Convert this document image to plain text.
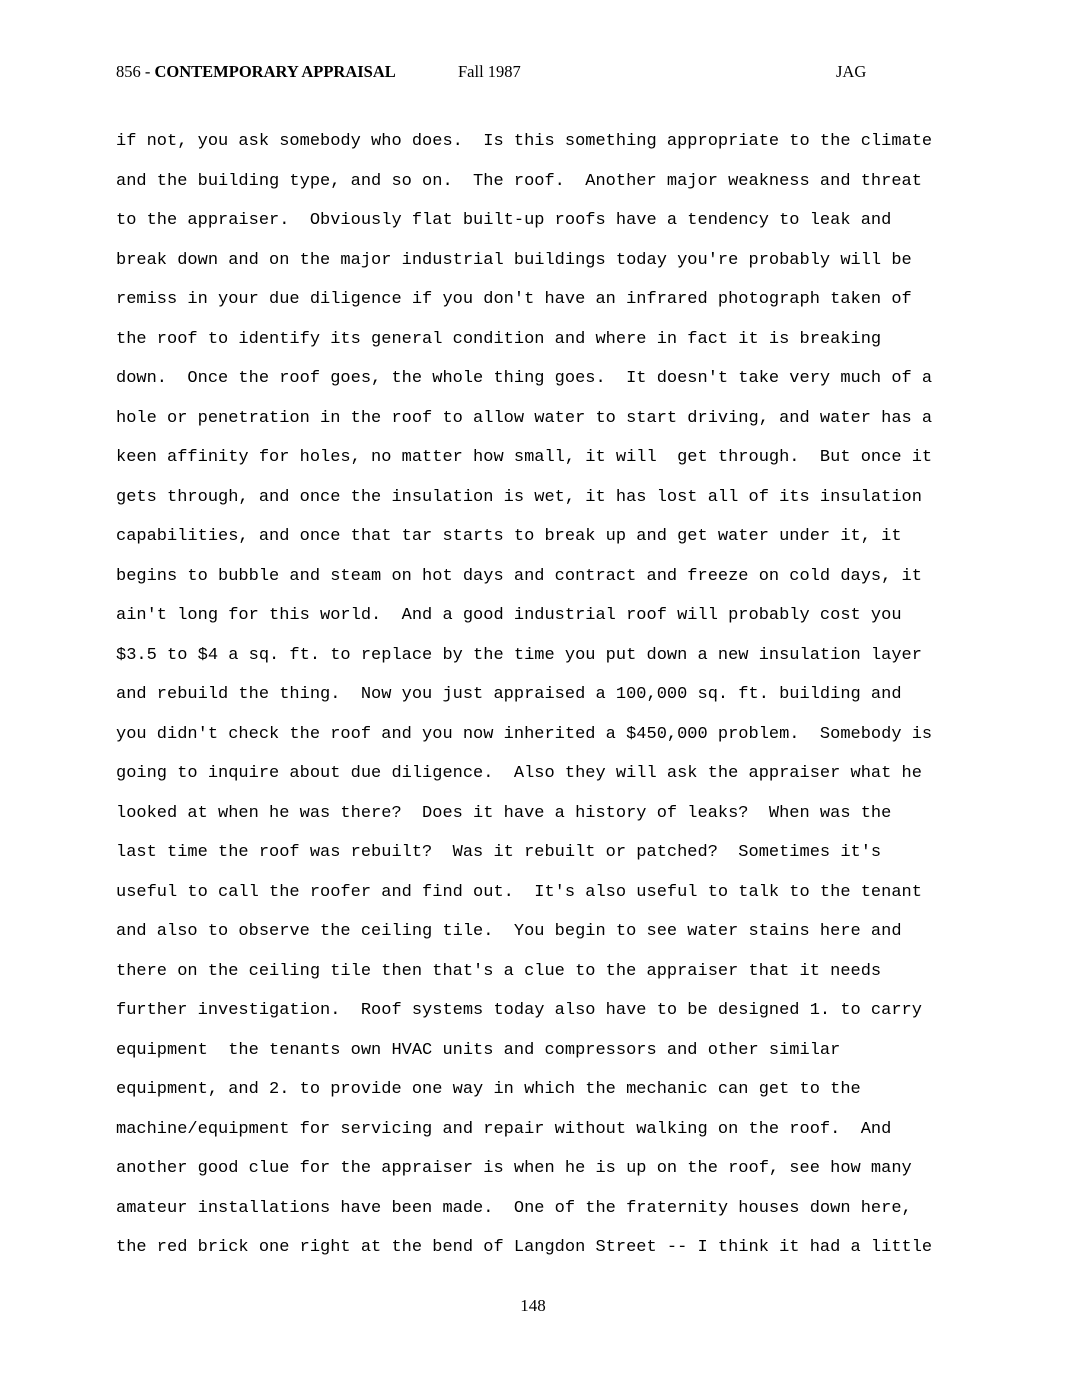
856 - CONTEMPORARY APPRAISAL	Fall 1987	JAG
if not, you ask somebody who does.  Is this something appropriate to the climate
and the building type, and so on.  The roof.  Another major weakness and threat
to the appraiser.  Obviously flat built-up roofs have a tendency to leak and
break down and on the major industrial buildings today you're probably will be
remiss in your due diligence if you don't have an infrared photograph taken of
the roof to identify its general condition and where in fact it is breaking
down.  Once the roof goes, the whole thing goes.  It doesn't take very much of a
hole or penetration in the roof to allow water to start driving, and water has a
keen affinity for holes, no matter how small, it will  get through.  But once it
gets through, and once the insulation is wet, it has lost all of its insulation
capabilities, and once that tar starts to break up and get water under it, it
begins to bubble and steam on hot days and contract and freeze on cold days, it
ain't long for this world.  And a good industrial roof will probably cost you
$3.5 to $4 a sq. ft. to replace by the time you put down a new insulation layer
and rebuild the thing.  Now you just appraised a 100,000 sq. ft. building and
you didn't check the roof and you now inherited a $450,000 problem.  Somebody is
going to inquire about due diligence.  Also they will ask the appraiser what he
looked at when he was there?  Does it have a history of leaks?  When was the
last time the roof was rebuilt?  Was it rebuilt or patched?  Sometimes it's
useful to call the roofer and find out.  It's also useful to talk to the tenant
and also to observe the ceiling tile.  You begin to see water stains here and
there on the ceiling tile then that's a clue to the appraiser that it needs
further investigation.  Roof systems today also have to be designed 1. to carry
equipment  the tenants own HVAC units and compressors and other similar
equipment, and 2. to provide one way in which the mechanic can get to the
machine/equipment for servicing and repair without walking on the roof.  And
another good clue for the appraiser is when he is up on the roof, see how many
amateur installations have been made.  One of the fraternity houses down here,
the red brick one right at the bend of Langdon Street -- I think it had a little
148
